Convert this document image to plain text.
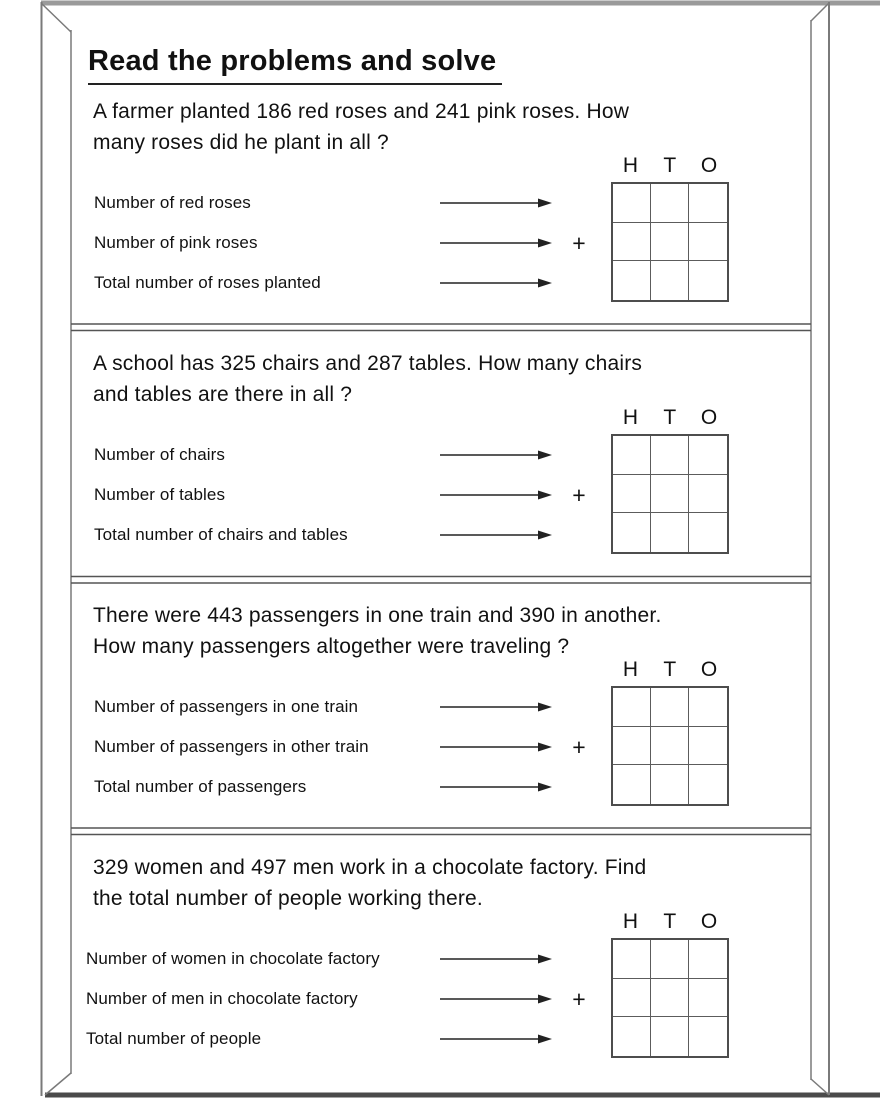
Read the problems and solve
A farmer planted 186 red roses and 241 pink roses. How
many roses did he plant in all ?
Number of red roses
Number of pink roses
Total number of roses planted
+
H	T	O
A school has 325 chairs and 287 tables. How many chairs
and tables are there in all ?
Number of chairs
Number of tables
Total number of chairs and tables
+
H	T	O
There were 443 passengers in one train and 390 in another.
How many passengers altogether were traveling ?
Number of passengers in one train
Number of passengers in other train
Total number of passengers
+
H	T	O
329 women and 497 men work in a chocolate factory. Find
the total number of people working there.
Number of women in chocolate factory
Number of men in chocolate factory
Total number of people
+
H	T	O
